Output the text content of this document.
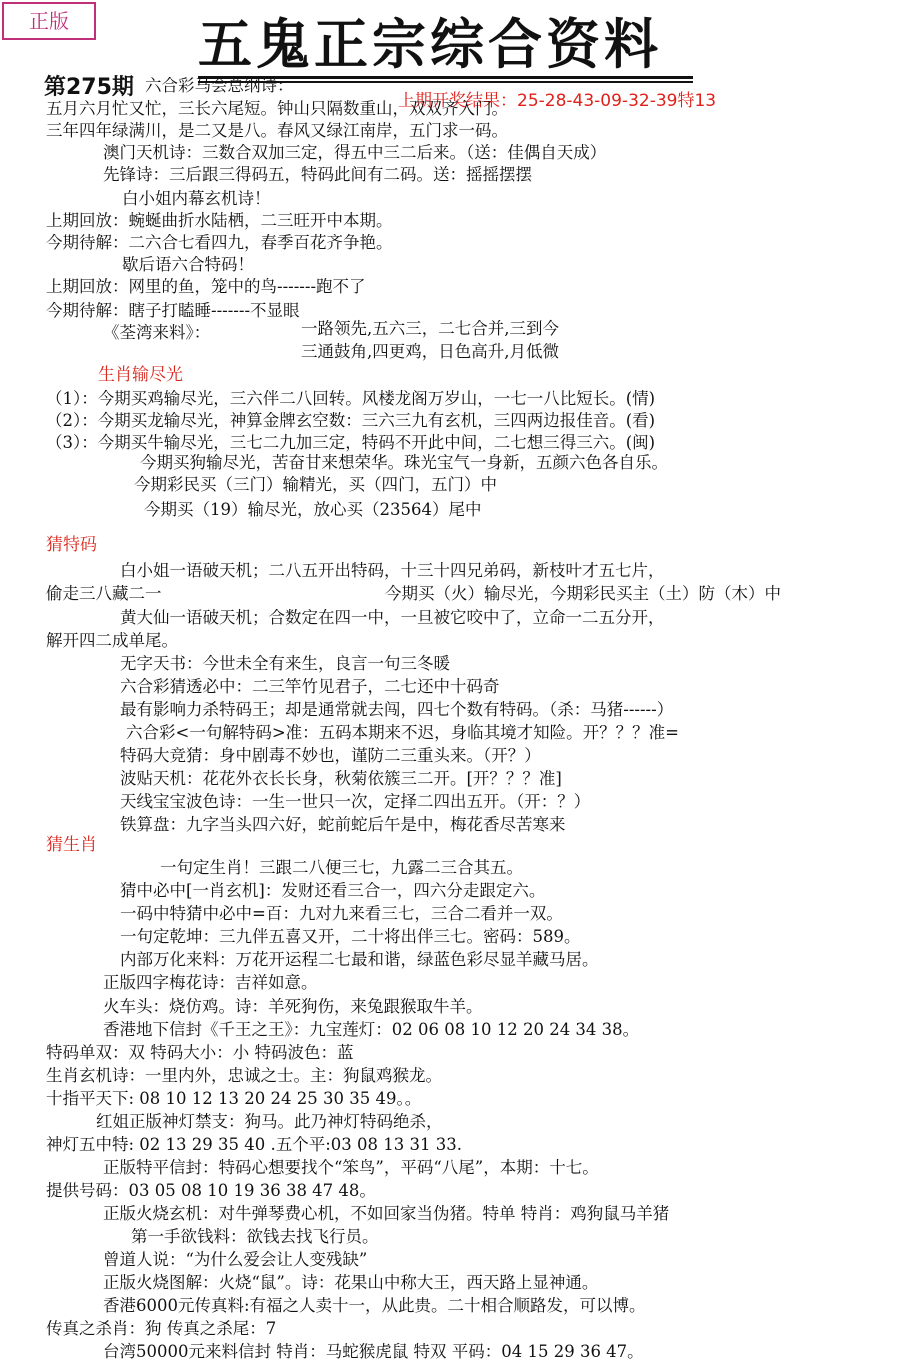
正版	五鬼正宗综合资料
第275期
上期开奖结果：25-28-43-09-32-39特13
六合彩马会总纲诗：
五月六月忙又忙，三长六尾短。钟山只隔数重山，双双齐入门。
三年四年绿满川，是二又是八。春风又绿江南岸，五门求一码。
澳门天机诗：三数合双加三定，得五中三二后来。（送：佳偶自天成）
先锋诗：三后跟三得码五，特码此间有二码。送：摇摇摆摆
白小姐内幕玄机诗！
上期回放：蜿蜒曲折水陆栖，二三旺开中本期。
今期待解：二六合七看四九，春季百花齐争艳。
歇后语六合特码！
上期回放：网里的鱼，笼中的鸟-------跑不了
今期待解：瞎子打瞌睡-------不显眼
《荃湾来料》：	一路领先,五六三，二七合并,三到今
三通鼓角,四更鸡，日色高升,月低微
生肖输尽光
（1）：今期买鸡输尽光，三六伴二八回转。风楼龙阁万岁山，一七一八比短长。(情)
（2）：今期买龙输尽光，神算金牌玄空数：三六三九有玄机，三四两边报佳音。(看)
（3）：今期买牛输尽光，三七二九加三定，特码不开此中间，二七想三得三六。(闽)
今期买狗输尽光，苦奋甘来想荣华。珠光宝气一身新，五颜六色各自乐。
今期彩民买（三门）输精光，买（四门，五门）中
今期买（19）输尽光，放心买（23564）尾中
猜特码
白小姐一语破天机；二八五开出特码，十三十四兄弟码，新枝叶才五七片，
偷走三八藏二一	今期买（火）输尽光，今期彩民买主（土）防（木）中
黄大仙一语破天机；合数定在四一中，一旦被它咬中了，立命一二五分开，
解开四二成单尾。
无字天书：今世未全有来生，良言一句三冬暖
六合彩猜透必中：二三竿竹见君子，二七还中十码奇
最有影响力杀特码王；却是通常就去闯，四七个数有特码。（杀：马猪------）
六合彩<一句解特码>准：五码本期来不迟，身临其境才知险。开？？？准=
特码大竞猜：身中剧毒不妙也，谨防二三重头来。（开？）
波贴天机：花花外衣长长身，秋菊依簇三二开。[开？？？准]
天线宝宝波色诗：一生一世只一次，定择二四出五开。（开：？）
铁算盘：九字当头四六好，蛇前蛇后午是中，梅花香尽苦寒来
猜生肖
一句定生肖！三跟二八便三七，九露二三合其五。
猜中必中[一肖玄机]：发财还看三合一，四六分走跟定六。
一码中特猜中必中=百：九对九来看三七，三合二看并一双。
一句定乾坤：三九伴五喜又开，二十将出伴三七。密码：589。
内部万化来料：万花开运程二七最和谐，绿蓝色彩尽显羊藏马居。
正版四字梅花诗：吉祥如意。
火车头：烧仿鸡。诗：羊死狗伤，来兔跟猴取牛羊。
香港地下信封《千王之王》：九宝莲灯：02 06 08 10 12 20 24 34 38。
特码单双：双 特码大小：小 特码波色：蓝
生肖玄机诗：一里内外，忠诚之士。主：狗鼠鸡猴龙。
十指平天下: 08 10 12 13 20 24 25 30 35 49。。
红姐正版神灯禁支：狗马。此乃神灯特码绝杀，
神灯五中特: 02 13 29 35 40 .五个平:03 08 13 31 33.
正版特平信封：特码心想要找个“笨鸟”，平码“八尾”，本期：十七。
提供号码：03 05 08 10 19 36 38 47 48。
正版火烧玄机：对牛弹琴费心机，不如回家当伪猪。特单 特肖：鸡狗鼠马羊猪
第一手欲钱料：欲钱去找飞行员。
曾道人说：“为什么爱会让人变残缺”
正版火烧图解：火烧“鼠”。诗：花果山中称大王，西天路上显神通。
香港6000元传真料:有福之人卖十一，从此贵。二十相合顺路发，可以博。
传真之杀肖：狗 传真之杀尾：7
台湾50000元来料信封 特肖：马蛇猴虎鼠 特双 平码：04 15 29 36 47。
